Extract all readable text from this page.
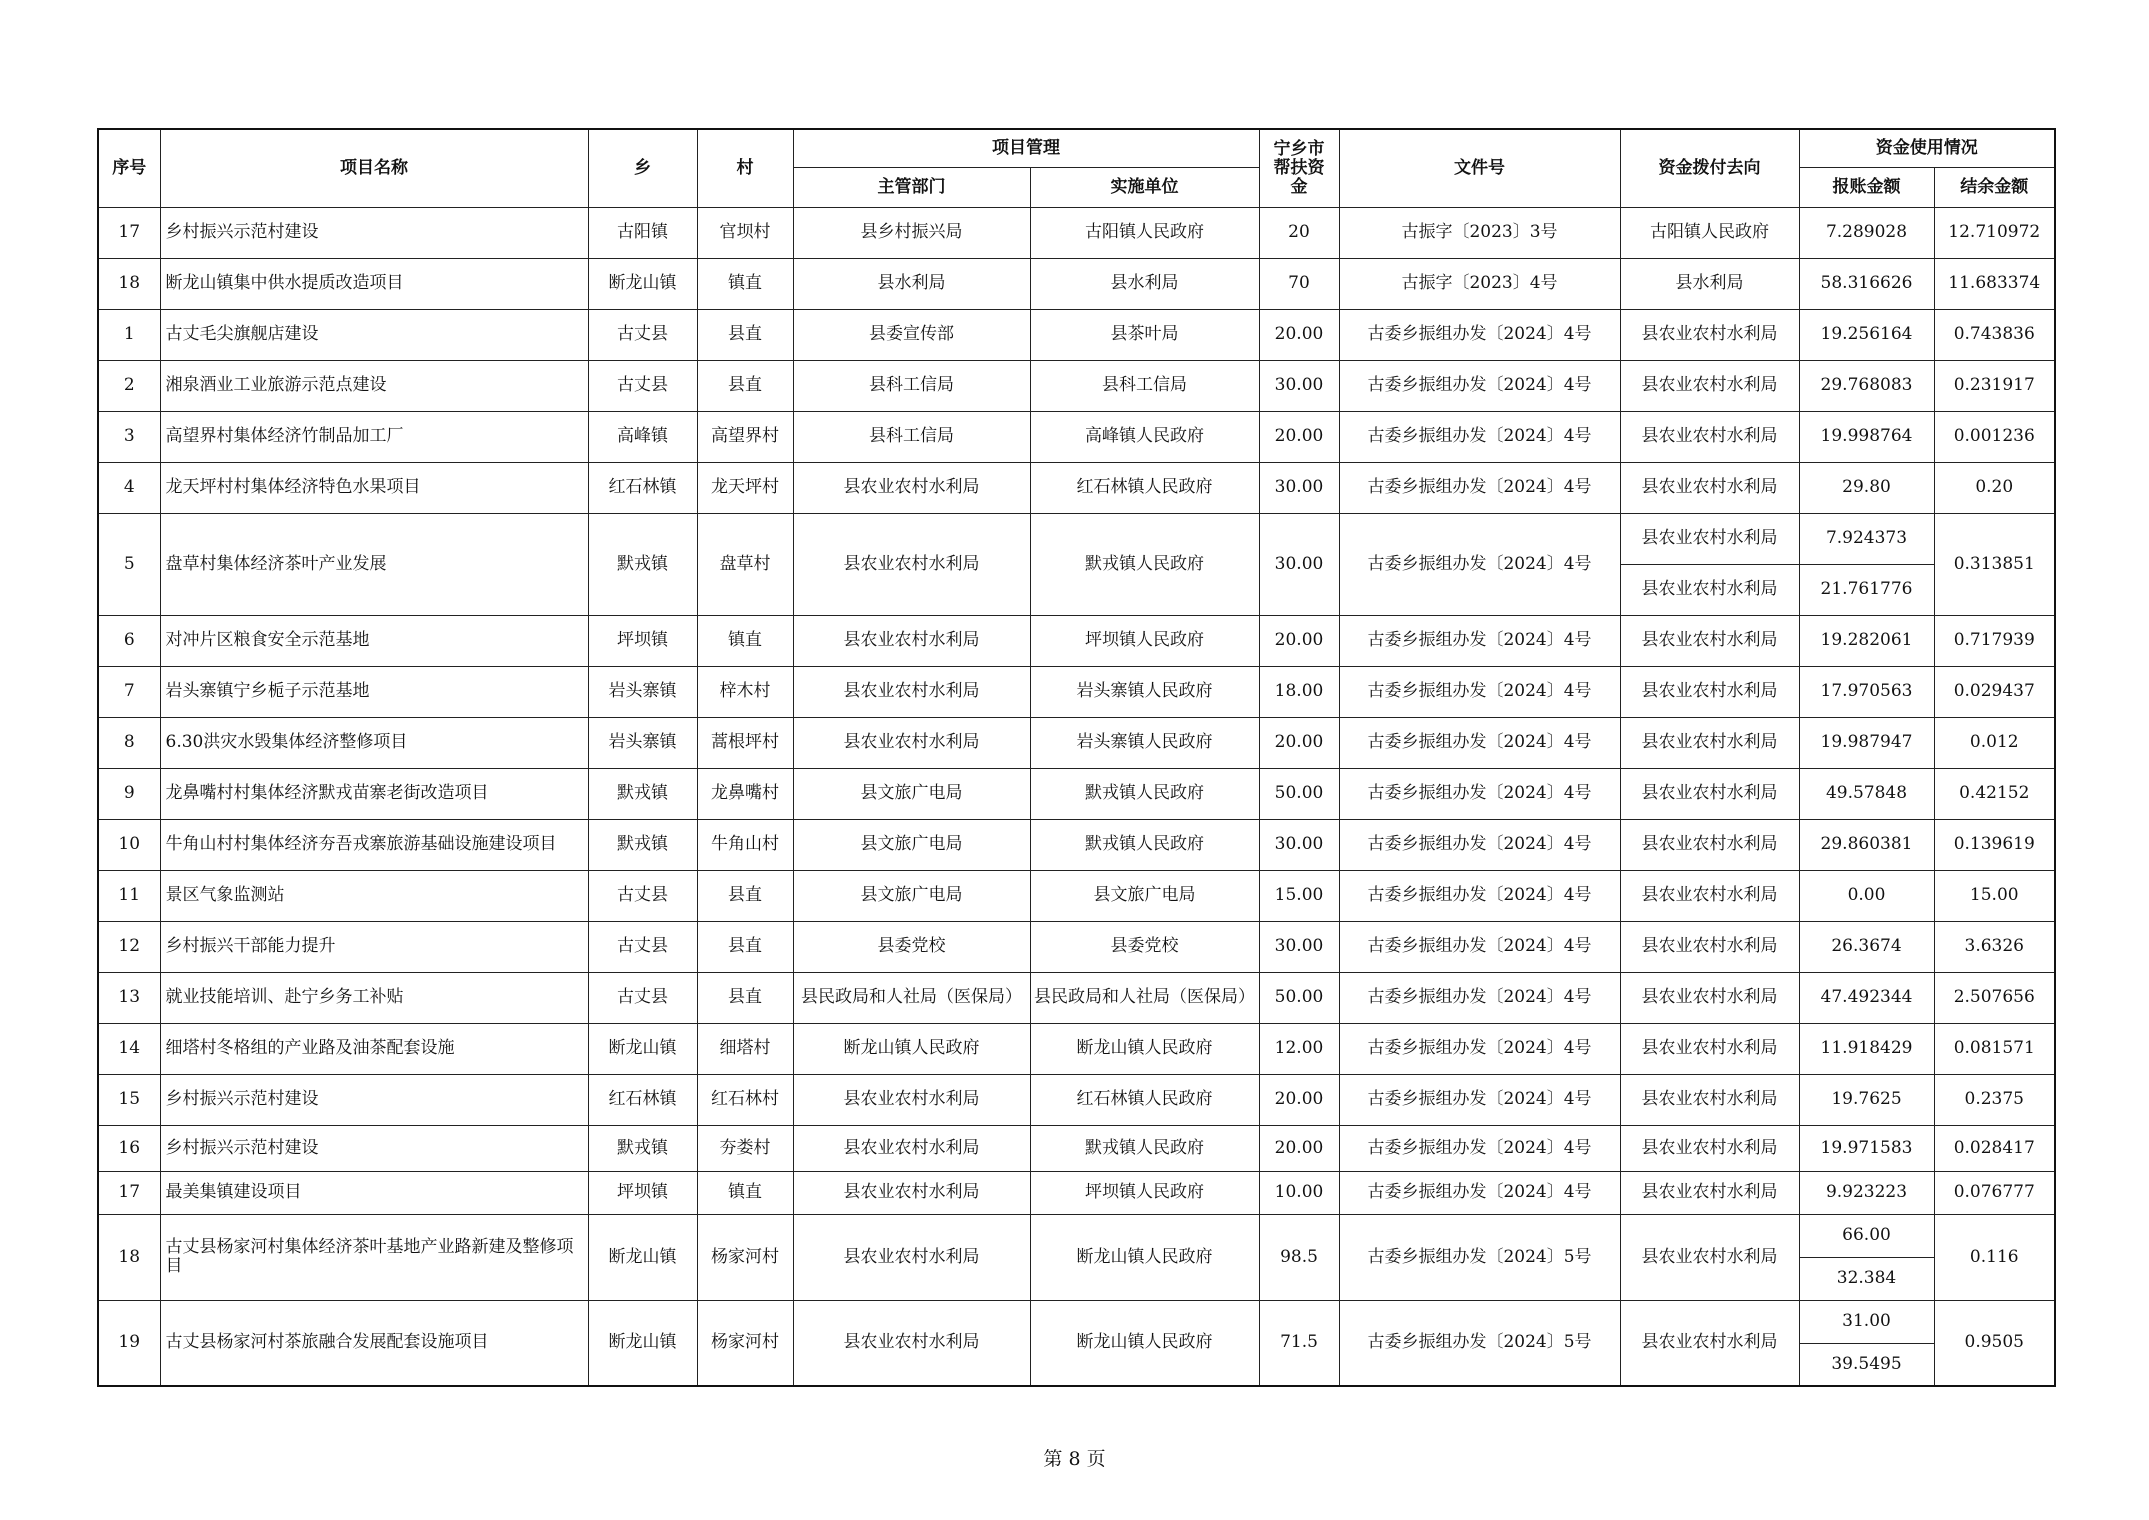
序号	项目名称	乡	村	项目管理		宁乡市帮扶资金	文件号	资金拨付去向	资金使用情况	
				主管部门	实施单位				报账金额	结余金额
17	乡村振兴示范村建设	古阳镇	官坝村	县乡村振兴局	古阳镇人民政府	20	古振字〔2023〕3号	古阳镇人民政府	7.289028	12.710972
18	断龙山镇集中供水提质改造项目	断龙山镇	镇直	县水利局	县水利局	70	古振字〔2023〕4号	县水利局	58.316626	11.683374
1	古丈毛尖旗舰店建设	古丈县	县直	县委宣传部	县茶叶局	20.00	古委乡振组办发〔2024〕4号	县农业农村水利局	19.256164	0.743836
2	湘泉酒业工业旅游示范点建设	古丈县	县直	县科工信局	县科工信局	30.00	古委乡振组办发〔2024〕4号	县农业农村水利局	29.768083	0.231917
3	高望界村集体经济竹制品加工厂	高峰镇	高望界村	县科工信局	高峰镇人民政府	20.00	古委乡振组办发〔2024〕4号	县农业农村水利局	19.998764	0.001236
4	龙天坪村村集体经济特色水果项目	红石林镇	龙天坪村	县农业农村水利局	红石林镇人民政府	30.00	古委乡振组办发〔2024〕4号	县农业农村水利局	29.80	0.20
5	盘草村集体经济茶叶产业发展	默戎镇	盘草村	县农业农村水利局	默戎镇人民政府	30.00	古委乡振组办发〔2024〕4号	县农业农村水利局	7.924373	0.313851
								县农业农村水利局	21.761776	
6	对冲片区粮食安全示范基地	坪坝镇	镇直	县农业农村水利局	坪坝镇人民政府	20.00	古委乡振组办发〔2024〕4号	县农业农村水利局	19.282061	0.717939
7	岩头寨镇宁乡栀子示范基地	岩头寨镇	梓木村	县农业农村水利局	岩头寨镇人民政府	18.00	古委乡振组办发〔2024〕4号	县农业农村水利局	17.970563	0.029437
8	6.30洪灾水毁集体经济整修项目	岩头寨镇	蒿根坪村	县农业农村水利局	岩头寨镇人民政府	20.00	古委乡振组办发〔2024〕4号	县农业农村水利局	19.987947	0.012
9	龙鼻嘴村村集体经济默戎苗寨老街改造项目	默戎镇	龙鼻嘴村	县文旅广电局	默戎镇人民政府	50.00	古委乡振组办发〔2024〕4号	县农业农村水利局	49.57848	0.42152
10	牛角山村村集体经济夯吾戎寨旅游基础设施建设项目	默戎镇	牛角山村	县文旅广电局	默戎镇人民政府	30.00	古委乡振组办发〔2024〕4号	县农业农村水利局	29.860381	0.139619
11	景区气象监测站	古丈县	县直	县文旅广电局	县文旅广电局	15.00	古委乡振组办发〔2024〕4号	县农业农村水利局	0.00	15.00
12	乡村振兴干部能力提升	古丈县	县直	县委党校	县委党校	30.00	古委乡振组办发〔2024〕4号	县农业农村水利局	26.3674	3.6326
13	就业技能培训、赴宁乡务工补贴	古丈县	县直	县民政局和人社局（医保局）	县民政局和人社局（医保局）	50.00	古委乡振组办发〔2024〕4号	县农业农村水利局	47.492344	2.507656
14	细塔村冬格组的产业路及油茶配套设施	断龙山镇	细塔村	断龙山镇人民政府	断龙山镇人民政府	12.00	古委乡振组办发〔2024〕4号	县农业农村水利局	11.918429	0.081571
15	乡村振兴示范村建设	红石林镇	红石林村	县农业农村水利局	红石林镇人民政府	20.00	古委乡振组办发〔2024〕4号	县农业农村水利局	19.7625	0.2375
16	乡村振兴示范村建设	默戎镇	夯娄村	县农业农村水利局	默戎镇人民政府	20.00	古委乡振组办发〔2024〕4号	县农业农村水利局	19.971583	0.028417
17	最美集镇建设项目	坪坝镇	镇直	县农业农村水利局	坪坝镇人民政府	10.00	古委乡振组办发〔2024〕4号	县农业农村水利局	9.923223	0.076777
18	古丈县杨家河村集体经济茶叶基地产业路新建及整修项目	断龙山镇	杨家河村	县农业农村水利局	断龙山镇人民政府	98.5	古委乡振组办发〔2024〕5号	县农业农村水利局	66.00	0.116
									32.384	
19	古丈县杨家河村茶旅融合发展配套设施项目	断龙山镇	杨家河村	县农业农村水利局	断龙山镇人民政府	71.5	古委乡振组办发〔2024〕5号	县农业农村水利局	31.00	0.9505
									39.5495	
第 8 页
